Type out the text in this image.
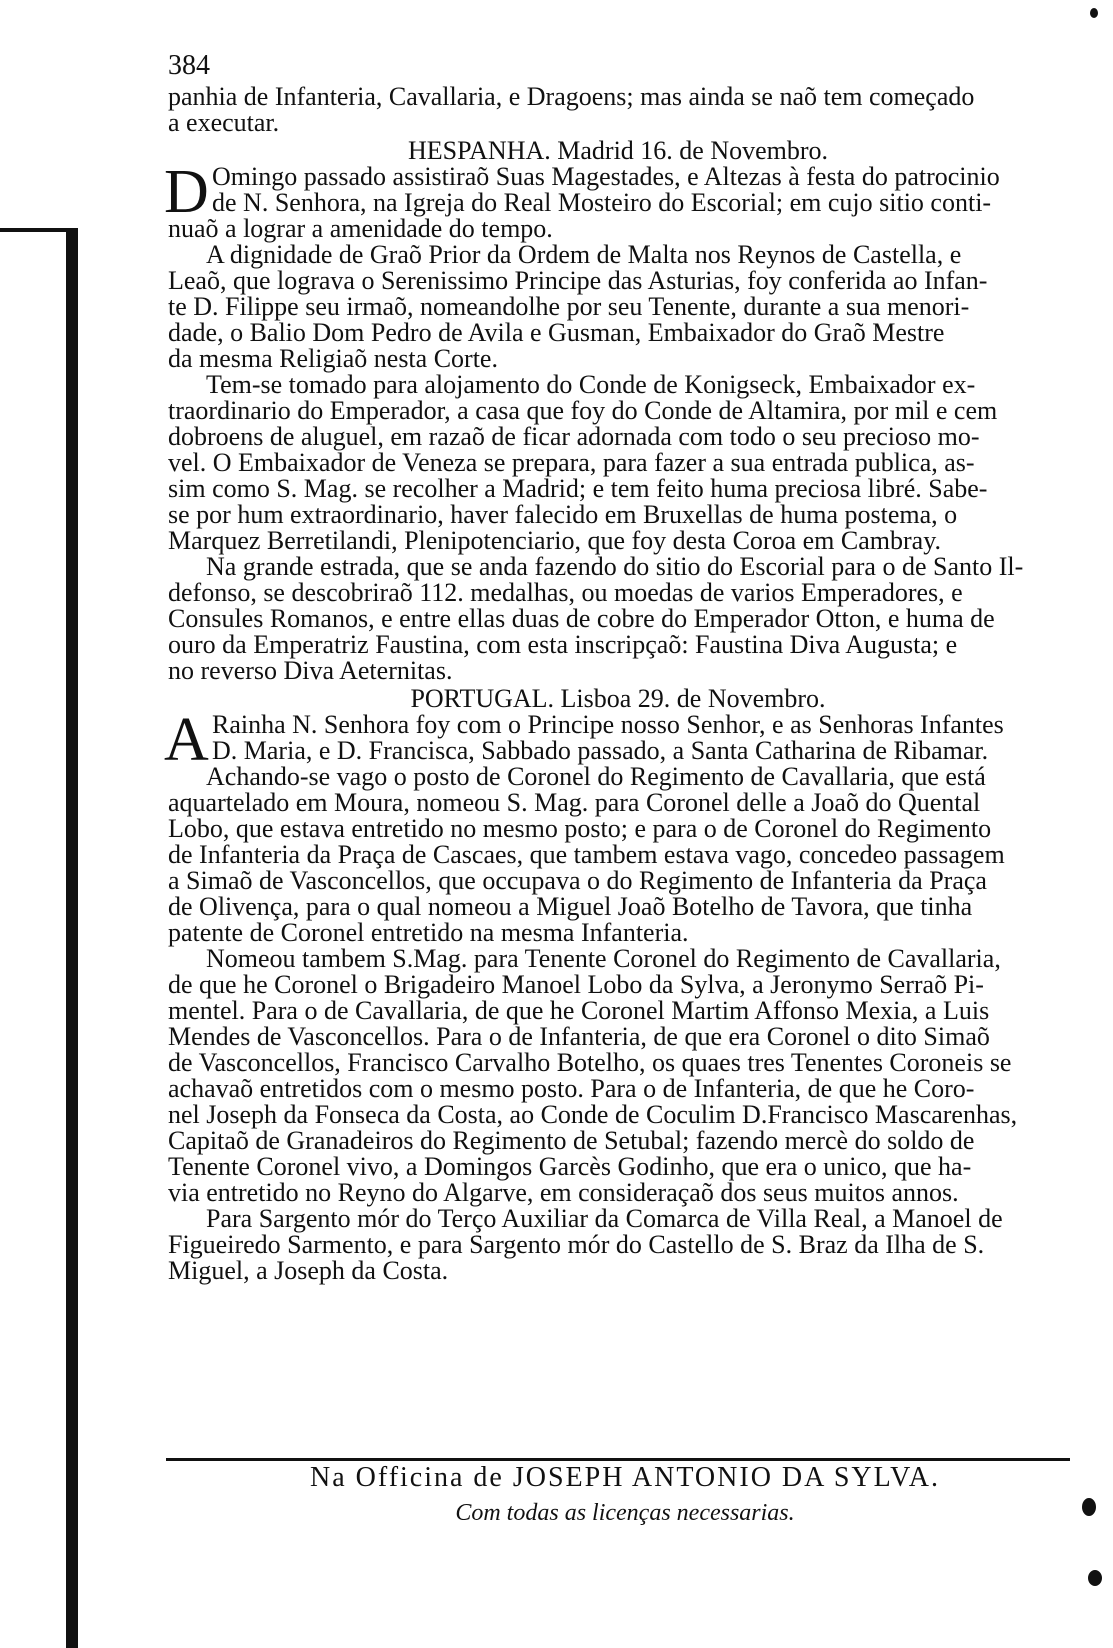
384
panhia de Infanteria, Cavallaria, e Dragoens; mas ainda se naõ tem começado
a executar.
HESPANHA. Madrid 16. de Novembro.
D Omingo passado assistiraõ Suas Magestades, e Altezas à festa do patrocinio
de N. Senhora, na Igreja do Real Mosteiro do Escorial; em cujo sitio conti-
nuaõ a lograr a amenidade do tempo.
A dignidade de Graõ Prior da Ordem de Malta nos Reynos de Castella, e
Leaõ, que lograva o Serenissimo Principe das Asturias, foy conferida ao Infan-
te D. Filippe seu irmaõ, nomeandolhe por seu Tenente, durante a sua menori-
dade, o Balio Dom Pedro de Avila e Gusman, Embaixador do Graõ Mestre
da mesma Religiaõ nesta Corte.
Tem-se tomado para alojamento do Conde de Konigseck, Embaixador ex-
traordinario do Emperador, a casa que foy do Conde de Altamira, por mil e cem
dobroens de aluguel, em razaõ de ficar adornada com todo o seu precioso mo-
vel. O Embaixador de Veneza se prepara, para fazer a sua entrada publica, as-
sim como S. Mag. se recolher a Madrid; e tem feito huma preciosa libré. Sabe-
se por hum extraordinario, haver falecido em Bruxellas de huma postema, o
Marquez Berretilandi, Plenipotenciario, que foy desta Coroa em Cambray.
Na grande estrada, que se anda fazendo do sitio do Escorial para o de Santo Il-
defonso, se descobriraõ 112. medalhas, ou moedas de varios Emperadores, e
Consules Romanos, e entre ellas duas de cobre do Emperador Otton, e huma de
ouro da Emperatriz Faustina, com esta inscripçaõ: Faustina Diva Augusta; e
no reverso Diva Aeternitas.
PORTUGAL. Lisboa 29. de Novembro.
A Rainha N. Senhora foy com o Principe nosso Senhor, e as Senhoras Infantes
D. Maria, e D. Francisca, Sabbado passado, a Santa Catharina de Ribamar.
Achando-se vago o posto de Coronel do Regimento de Cavallaria, que está
aquartelado em Moura, nomeou S. Mag. para Coronel delle a Joaõ do Quental
Lobo, que estava entretido no mesmo posto; e para o de Coronel do Regimento
de Infanteria da Praça de Cascaes, que tambem estava vago, concedeo passagem
a Simaõ de Vasconcellos, que occupava o do Regimento de Infanteria da Praça
de Olivença, para o qual nomeou a Miguel Joaõ Botelho de Tavora, que tinha
patente de Coronel entretido na mesma Infanteria.
Nomeou tambem S.Mag. para Tenente Coronel do Regimento de Cavallaria,
de que he Coronel o Brigadeiro Manoel Lobo da Sylva, a Jeronymo Serraõ Pi-
mentel. Para o de Cavallaria, de que he Coronel Martim Affonso Mexia, a Luis
Mendes de Vasconcellos. Para o de Infanteria, de que era Coronel o dito Simaõ
de Vasconcellos, Francisco Carvalho Botelho, os quaes tres Tenentes Coroneis se
achavaõ entretidos com o mesmo posto. Para o de Infanteria, de que he Coro-
nel Joseph da Fonseca da Costa, ao Conde de Coculim D.Francisco Mascarenhas,
Capitaõ de Granadeiros do Regimento de Setubal; fazendo mercè do soldo de
Tenente Coronel vivo, a Domingos Garcès Godinho, que era o unico, que ha-
via entretido no Reyno do Algarve, em consideraçaõ dos seus muitos annos.
Para Sargento mór do Terço Auxiliar da Comarca de Villa Real, a Manoel de
Figueiredo Sarmento, e para Sargento mór do Castello de S. Braz da Ilha de S.
Miguel, a Joseph da Costa.
Na Officina de JOSEPH ANTONIO DA SYLVA.
Com todas as licenças necessarias.
